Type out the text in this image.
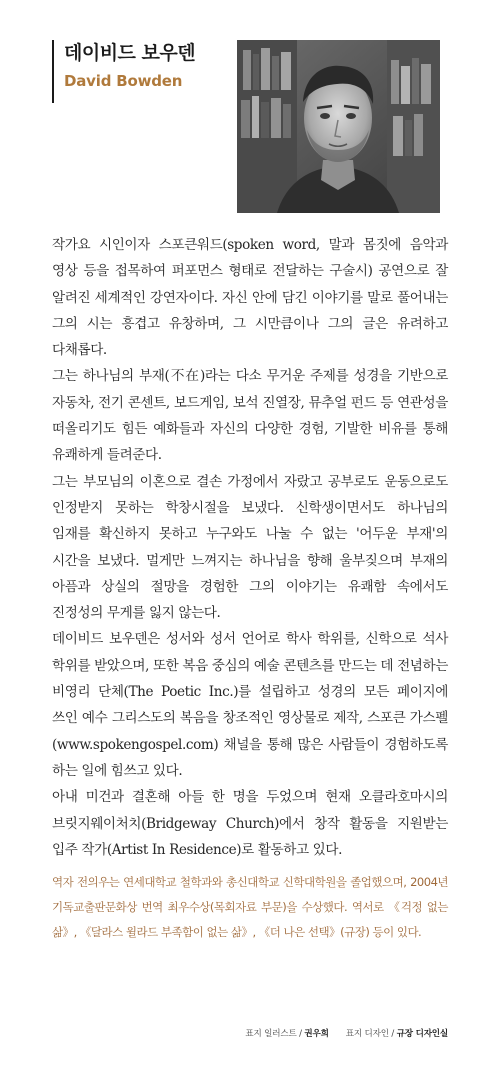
데이비드 보우덴
David Bowden

작가요 시인이자 스포큰워드(spoken word, 말과 몸짓에 음악과 영상 등을 접목하여 퍼포먼스 형태로 전달하는 구술시) 공연으로 잘 알려진 세계적인 강연자이다. 자신 안에 담긴 이야기를 말로 풀어내는 그의 시는 흥겹고 유창하며, 그 시만큼이나 그의 글은 유려하고 다채롭다.

그는 하나님의 부재(不在)라는 다소 무거운 주제를 성경을 기반으로 자동차, 전기 콘센트, 보드게임, 보석 진열장, 뮤추얼 펀드 등 연관성을 떠올리기도 힘든 예화들과 자신의 다양한 경험, 기발한 비유를 통해 유쾌하게 들려준다.

그는 부모님의 이혼으로 결손 가정에서 자랐고 공부로도 운동으로도 인정받지 못하는 학창시절을 보냈다. 신학생이면서도 하나님의 임재를 확신하지 못하고 누구와도 나눌 수 없는 '어두운 부재'의 시간을 보냈다. 멀게만 느껴지는 하나님을 향해 울부짖으며 부재의 아픔과 상실의 절망을 경험한 그의 이야기는 유쾌함 속에서도 진정성의 무게를 잃지 않는다.

데이비드 보우덴은 성서와 성서 언어로 학사 학위를, 신학으로 석사 학위를 받았으며, 또한 복음 중심의 예술 콘텐츠를 만드는 데 전념하는 비영리 단체(The Poetic Inc.)를 설립하고 성경의 모든 페이지에 쓰인 예수 그리스도의 복음을 창조적인 영상물로 제작, 스포큰 가스펠(www.spokengospel.com) 채널을 통해 많은 사람들이 경험하도록 하는 일에 힘쓰고 있다.

아내 미건과 결혼해 아들 한 명을 두었으며 현재 오클라호마시의 브릿지웨이처치(Bridgeway Church)에서 창작 활동을 지원받는 입주 작가(Artist In Residence)로 활동하고 있다.

역자 전의우는 연세대학교 철학과와 총신대학교 신학대학원을 졸업했으며, 2004년 기독교출판문화상 번역 최우수상(목회자료 부문)을 수상했다. 역서로 《걱정 없는 삶》, 《달라스 윌라드 부족함이 없는 삶》, 《더 나은 선택》(규장) 등이 있다.

표지 일러스트 / 권우희 표지 디자인 / 규장 디자인실
